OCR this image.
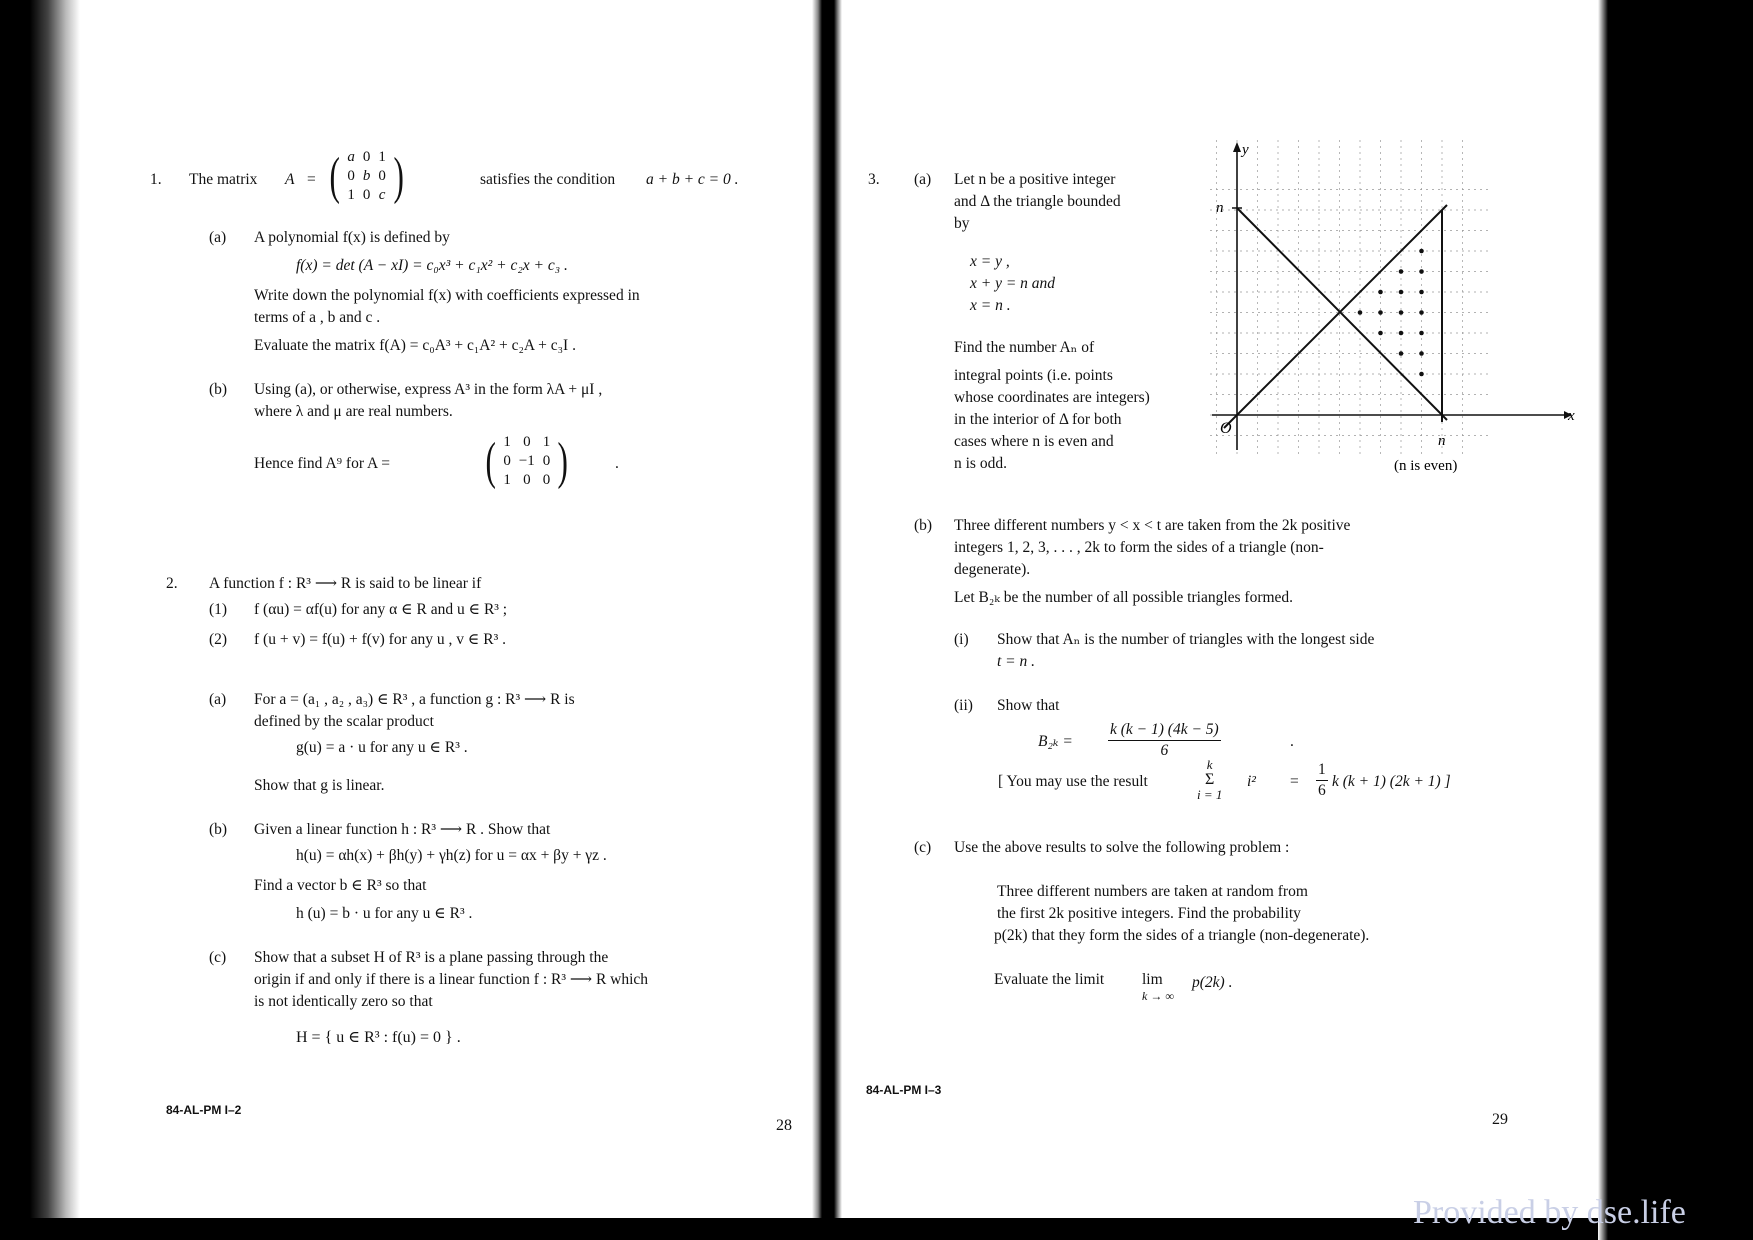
1. The matrix A = ( a	0	1
0	b	0
1	0	c )	satisfies the condition a + b + c = 0 .
(a) A polynomial f(x) is defined by
f(x) = det (A − xI) = c₀x³ + c₁x² + c₂x + c₃ .
Write down the polynomial f(x) with coefficients expressed in
terms of a , b and c .
Evaluate the matrix f(A) = c₀A³ + c₁A² + c₂A + c₃I .
(b) Using (a), or otherwise, express A³ in the form λA + μI ,
where λ and μ are real numbers.
Hence find A⁹ for A = ( 1	0	1
0	−1	0
1	0	0 )	.
2. A function f : R³ ⟶ R is said to be linear if
(1) f (αu) = αf(u) for any α ∈ R and u ∈ R³ ;
(2) f (u + v) = f(u) + f(v) for any u , v ∈ R³ .
(a) For a = (a₁ , a₂ , a₃) ∈ R³ , a function g : R³ ⟶ R is
defined by the scalar product
g(u) = a · u for any u ∈ R³ .
Show that g is linear.
(b) Given a linear function h : R³ ⟶ R . Show that
h(u) = αh(x) + βh(y) + γh(z) for u = αx + βy + γz .
Find a vector b ∈ R³ so that
h (u) = b · u for any u ∈ R³ .
(c) Show that a subset H of R³ is a plane passing through the
origin if and only if there is a linear function f : R³ ⟶ R which
is not identically zero so that
H = { u ∈ R³ : f(u) = 0 } .
84-AL-PM I–2
28
3. (a) Let n be a positive integer
and Δ the triangle bounded
by
x = y ,
x + y = n and
x = n .
Find the number Aₙ of
integral points (i.e. points
whose coordinates are integers)
in the interior of Δ for both
cases where n is even and
n is odd.
y
x
n
n
O
(n is even)
(b) Three different numbers y < x < t are taken from the 2k positive
integers 1, 2, 3, . . . , 2k to form the sides of a triangle (non-
degenerate).
Let B₂ₖ be the number of all possible triangles formed.
(i) Show that Aₙ is the number of triangles with the longest side
t = n .
(ii) Show that
$B_{2k} = \frac{k (k - 1) (4k - 5)}{6}$	.
[ You may use the result
k
Σ
i = 1
$i^2 = \frac{1}{6}$ k (k + 1) (2k + 1) ]
(c) Use the above results to solve the following problem :
Three different numbers are taken at random from
the first 2k positive integers. Find the probability
p(2k) that they form the sides of a triangle (non-degenerate).
Evaluate the limit lim
k → ∞
p(2k) .
84-AL-PM I–3
29
Provided by dse.life
